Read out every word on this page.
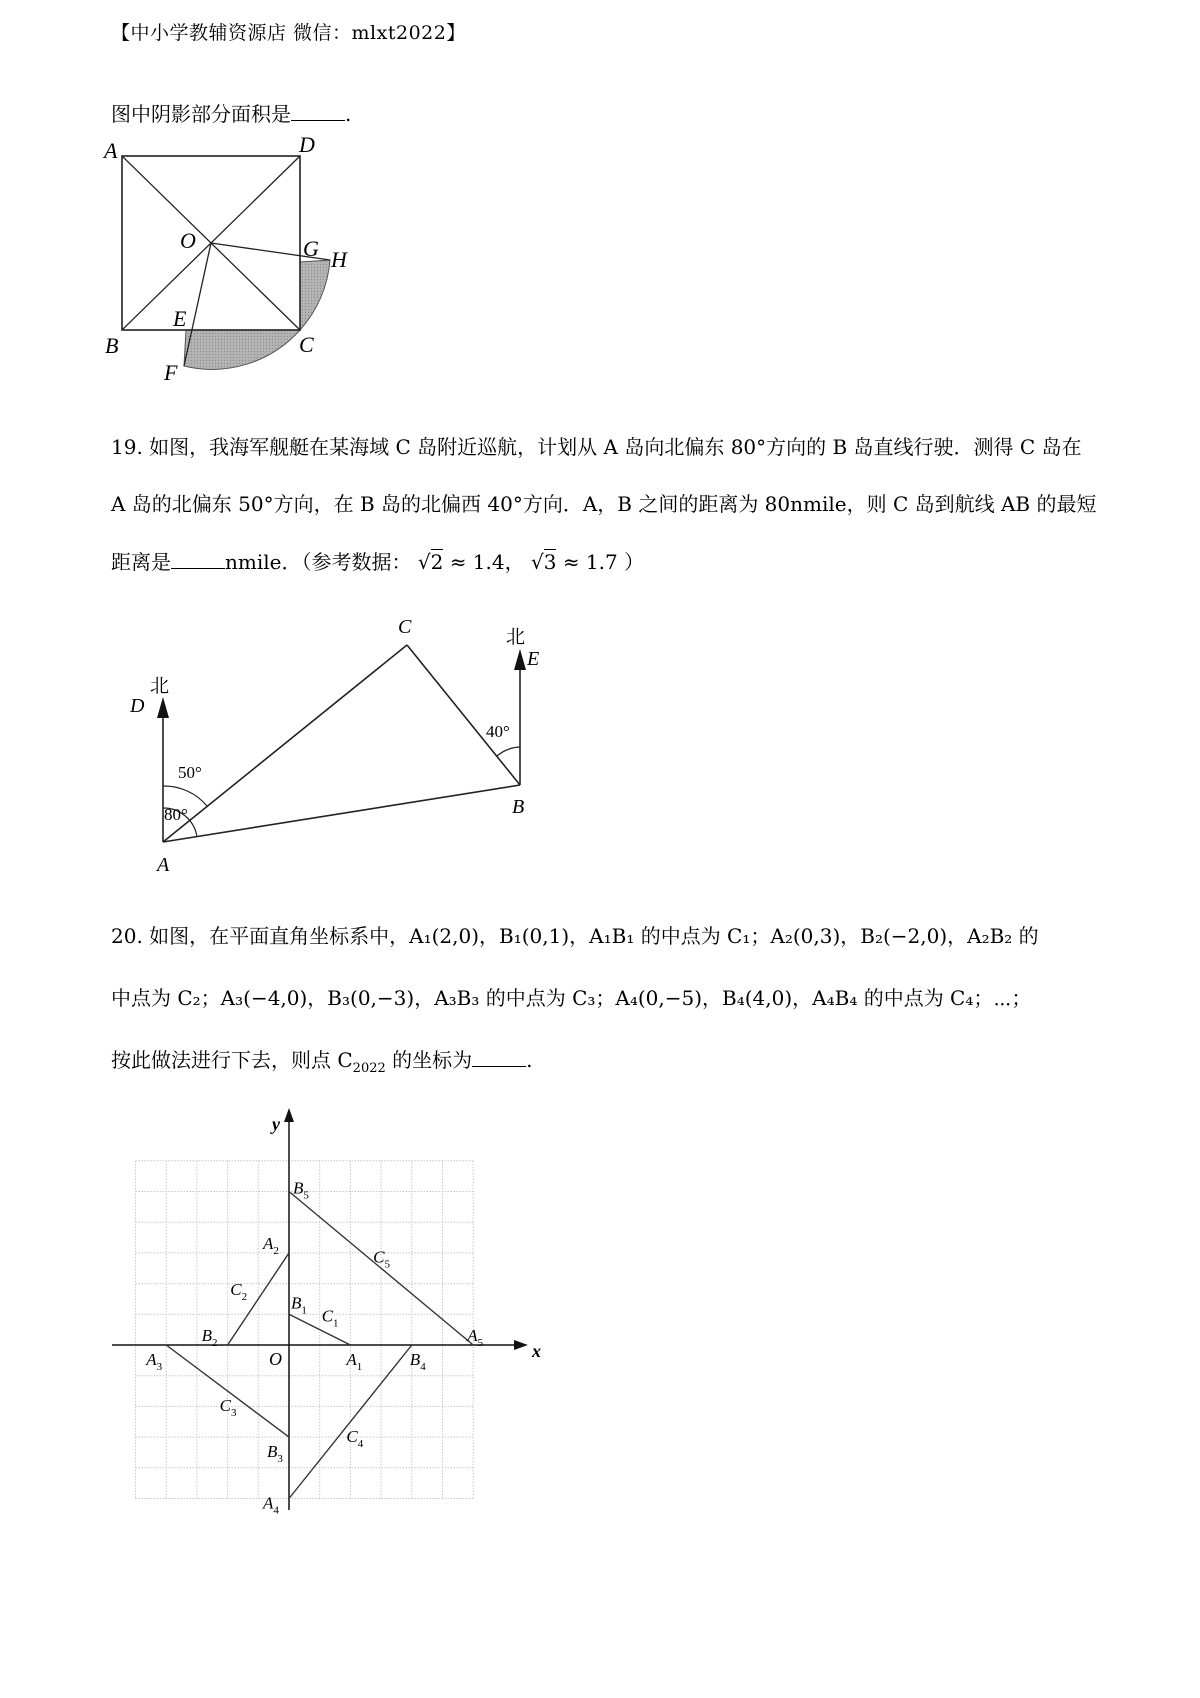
【中小学教辅资源店 微信：mlxt2022】
图中阴影部分面积是	.
A	D
O	G H
E
B	C
F
19. 如图，我海军舰艇在某海域 C 岛附近巡航，计划从 A 岛向北偏东 80°方向的 B 岛直线行驶．测得 C 岛在
A 岛的北偏东 50°方向，在 B 岛的北偏西 40°方向．A，B 之间的距离为 80nmile，则 C 岛到航线 AB 的最短
距离是	nmile．（参考数据： √2 ≈ 1.4， √3 ≈ 1.7 ）
北
北
D
E
C
B
A
50°
80°
40°
20. 如图，在平面直角坐标系中，A₁(2,0)，B₁(0,1)，A₁B₁ 的中点为 C₁；A₂(0,3)，B₂(−2,0)，A₂B₂ 的
中点为 C₂；A₃(−4,0)，B₃(0,−3)，A₃B₃ 的中点为 C₃；A₄(0,−5)，B₄(4,0)，A₄B₄ 的中点为 C₄；⋯；
按此做法进行下去，则点 $C_{2022}$ 的坐标为	.
x
y
O	$A_1$
$B_1$ $C_1$
$A_2$
$B_2$
$C_2$
$A_3$
$B_3$
$C_3$
$A_4$
$B_4$
$C_4$
$A_5$
$B_5$
$C_5$
